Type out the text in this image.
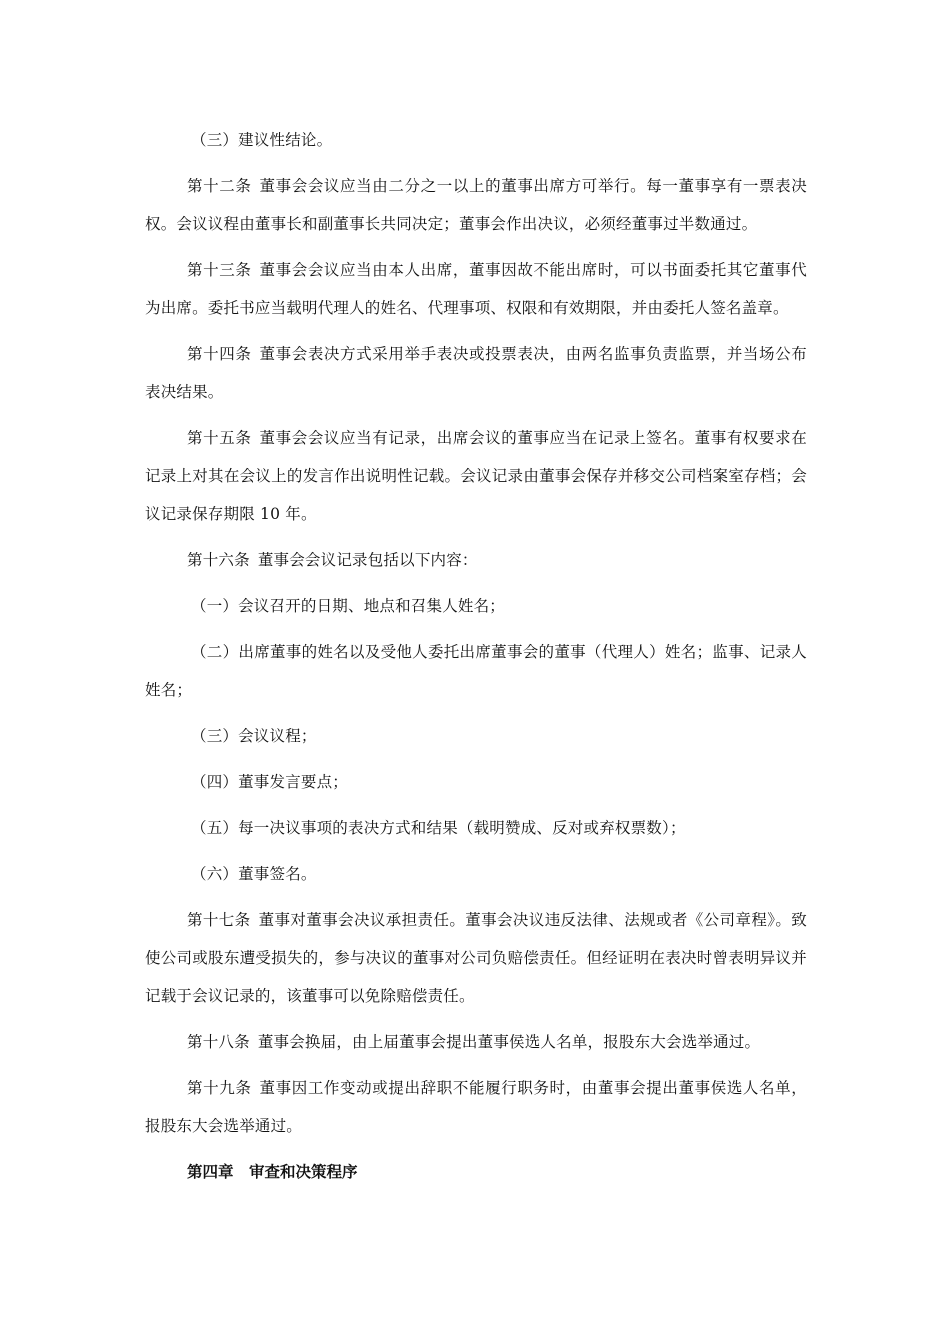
（三）建议性结论。

第十二条 董事会会议应当由二分之一以上的董事出席方可举行。每一董事享有一票表决权。会议议程由董事长和副董事长共同决定；董事会作出决议，必须经董事过半数通过。

第十三条 董事会会议应当由本人出席，董事因故不能出席时，可以书面委托其它董事代为出席。委托书应当载明代理人的姓名、代理事项、权限和有效期限，并由委托人签名盖章。

第十四条 董事会表决方式采用举手表决或投票表决，由两名监事负责监票，并当场公布表决结果。

第十五条 董事会会议应当有记录，出席会议的董事应当在记录上签名。董事有权要求在记录上对其在会议上的发言作出说明性记载。会议记录由董事会保存并移交公司档案室存档；会议记录保存期限 10 年。

第十六条 董事会会议记录包括以下内容：

（一）会议召开的日期、地点和召集人姓名；

（二）出席董事的姓名以及受他人委托出席董事会的董事（代理人）姓名；监事、记录人姓名；

（三）会议议程；

（四）董事发言要点；

（五）每一决议事项的表决方式和结果（载明赞成、反对或弃权票数）；

（六）董事签名。

第十七条 董事对董事会决议承担责任。董事会决议违反法律、法规或者《公司章程》。致使公司或股东遭受损失的，参与决议的董事对公司负赔偿责任。但经证明在表决时曾表明异议并记载于会议记录的，该董事可以免除赔偿责任。

第十八条 董事会换届，由上届董事会提出董事侯选人名单，报股东大会选举通过。

第十九条 董事因工作变动或提出辞职不能履行职务时，由董事会提出董事侯选人名单，报股东大会选举通过。

第四章　审查和决策程序
